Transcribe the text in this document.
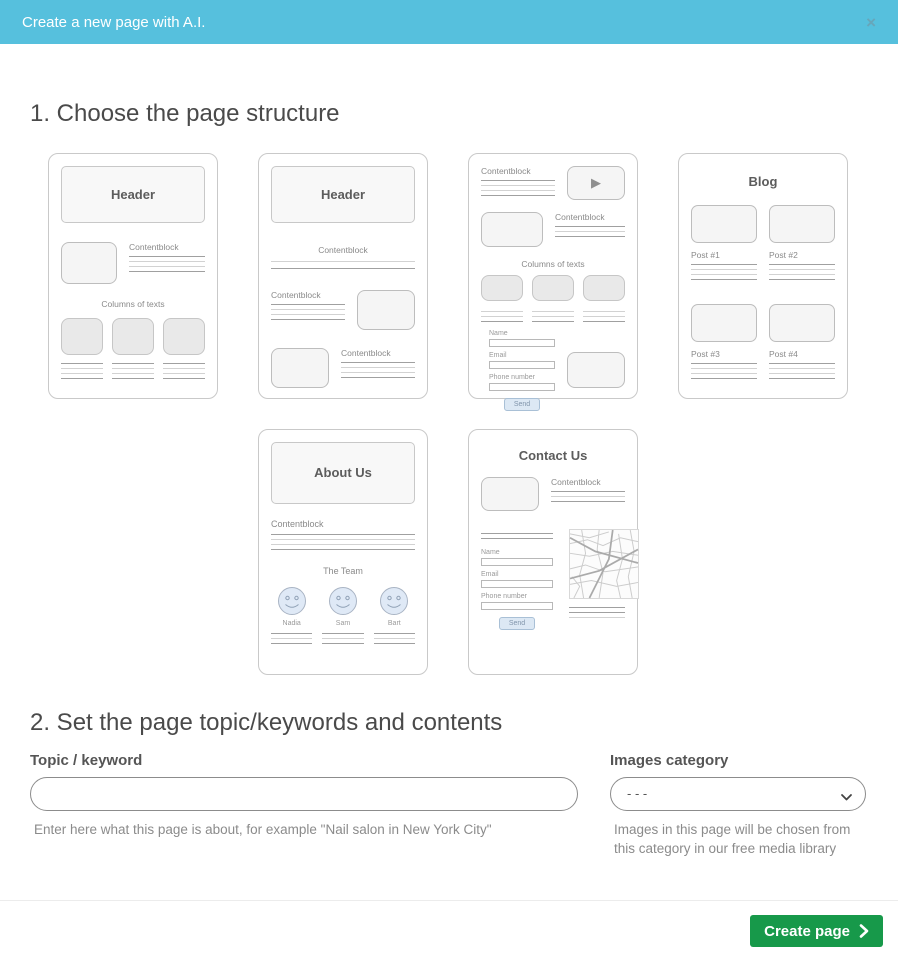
Create a new page with A.I.	×
1. Choose the page structure
Header
Contentblock
Columns of texts
Header
Contentblock
Contentblock
Contentblock
Contentblock
▶
Contentblock
Columns of texts
Name
Email
Phone number
Send
Blog
Post #1	Post #2
Post #3	Post #4
About Us
Contentblock
The Team
Nadia	Sam	Bart
Contact Us
Contentblock
Name
Email
Phone number
Send
2. Set the page topic/keywords and contents
Topic / keyword
Enter here what this page is about, for example "Nail salon in New York City"
Images category
- - -
Images in this page will be chosen from this category in our free media library
Create page
